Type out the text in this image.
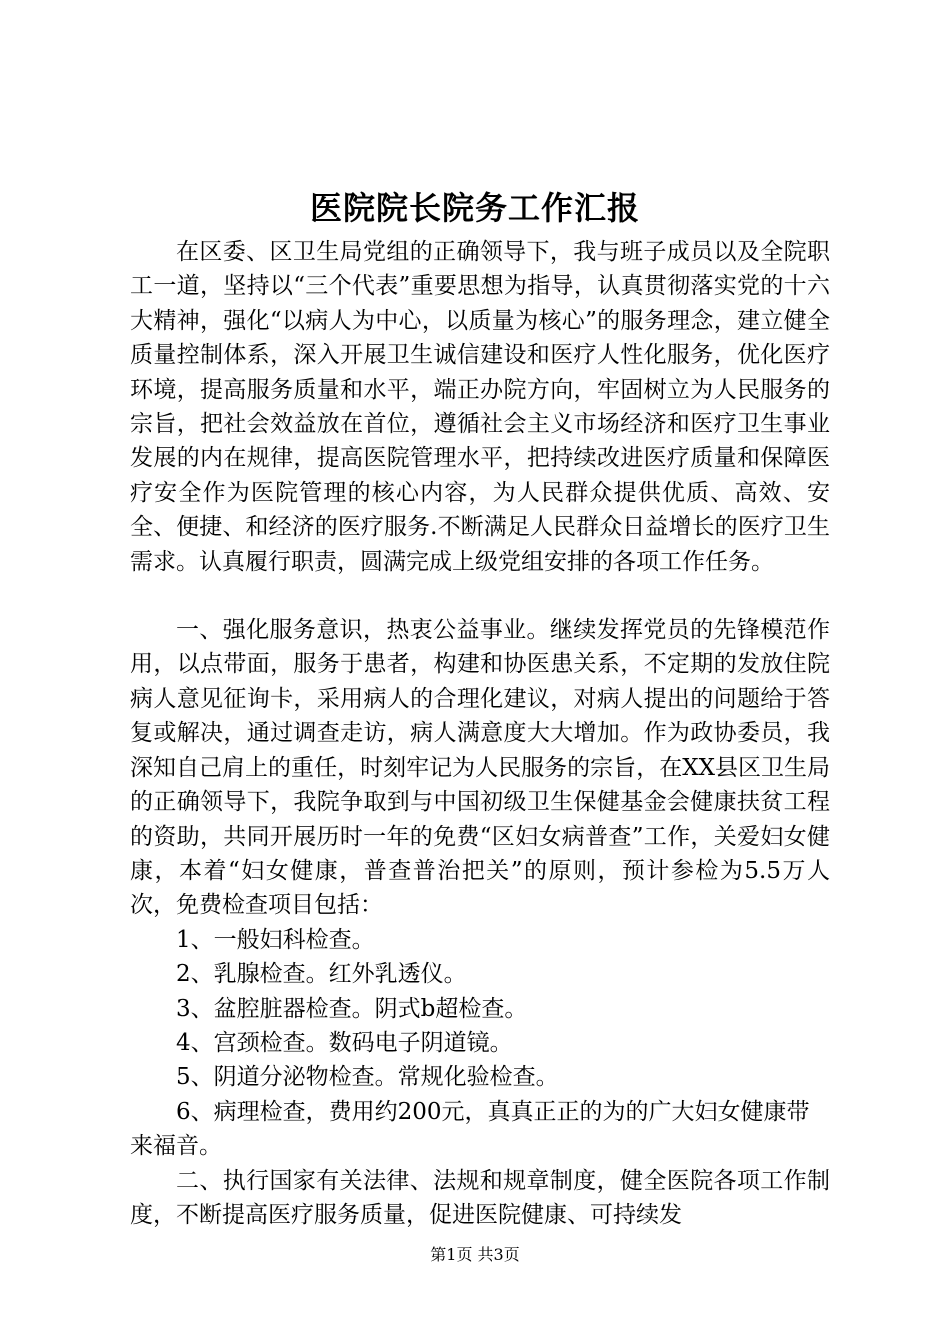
医院院长院务工作汇报

在区委、区卫生局党组的正确领导下，我与班子成员以及全院职工一道，坚持以“三个代表”重要思想为指导，认真贯彻落实党的十六大精神，强化“以病人为中心，以质量为核心”的服务理念，建立健全质量控制体系，深入开展卫生诚信建设和医疗人性化服务，优化医疗环境，提高服务质量和水平，端正办院方向，牢固树立为人民服务的宗旨，把社会效益放在首位，遵循社会主义市场经济和医疗卫生事业发展的内在规律，提高医院管理水平，把持续改进医疗质量和保障医疗安全作为医院管理的核心内容，为人民群众提供优质、高效、安全、便捷、和经济的医疗服务.不断满足人民群众日益增长的医疗卫生需求。认真履行职责，圆满完成上级党组安排的各项工作任务。

一、强化服务意识，热衷公益事业。继续发挥党员的先锋模范作用，以点带面，服务于患者，构建和协医患关系，不定期的发放住院病人意见征询卡，采用病人的合理化建议，对病人提出的问题给于答复或解决，通过调查走访，病人满意度大大增加。作为政协委员，我深知自己肩上的重任，时刻牢记为人民服务的宗旨，在XX县区卫生局的正确领导下，我院争取到与中国初级卫生保健基金会健康扶贫工程的资助，共同开展历时一年的免费“区妇女病普查”工作，关爱妇女健康，本着“妇女健康，普查普治把关”的原则，预计参检为5.5万人次，免费检查项目包括：

1、一般妇科检查。

2、乳腺检查。红外乳透仪。

3、盆腔脏器检查。阴式b超检查。

4、宫颈检查。数码电子阴道镜。

5、阴道分泌物检查。常规化验检查。

6、病理检查，费用约200元，真真正正的为的广大妇女健康带来福音。

二、执行国家有关法律、法规和规章制度，健全医院各项工作制度，不断提高医疗服务质量，促进医院健康、可持续发

第1页 共3页
